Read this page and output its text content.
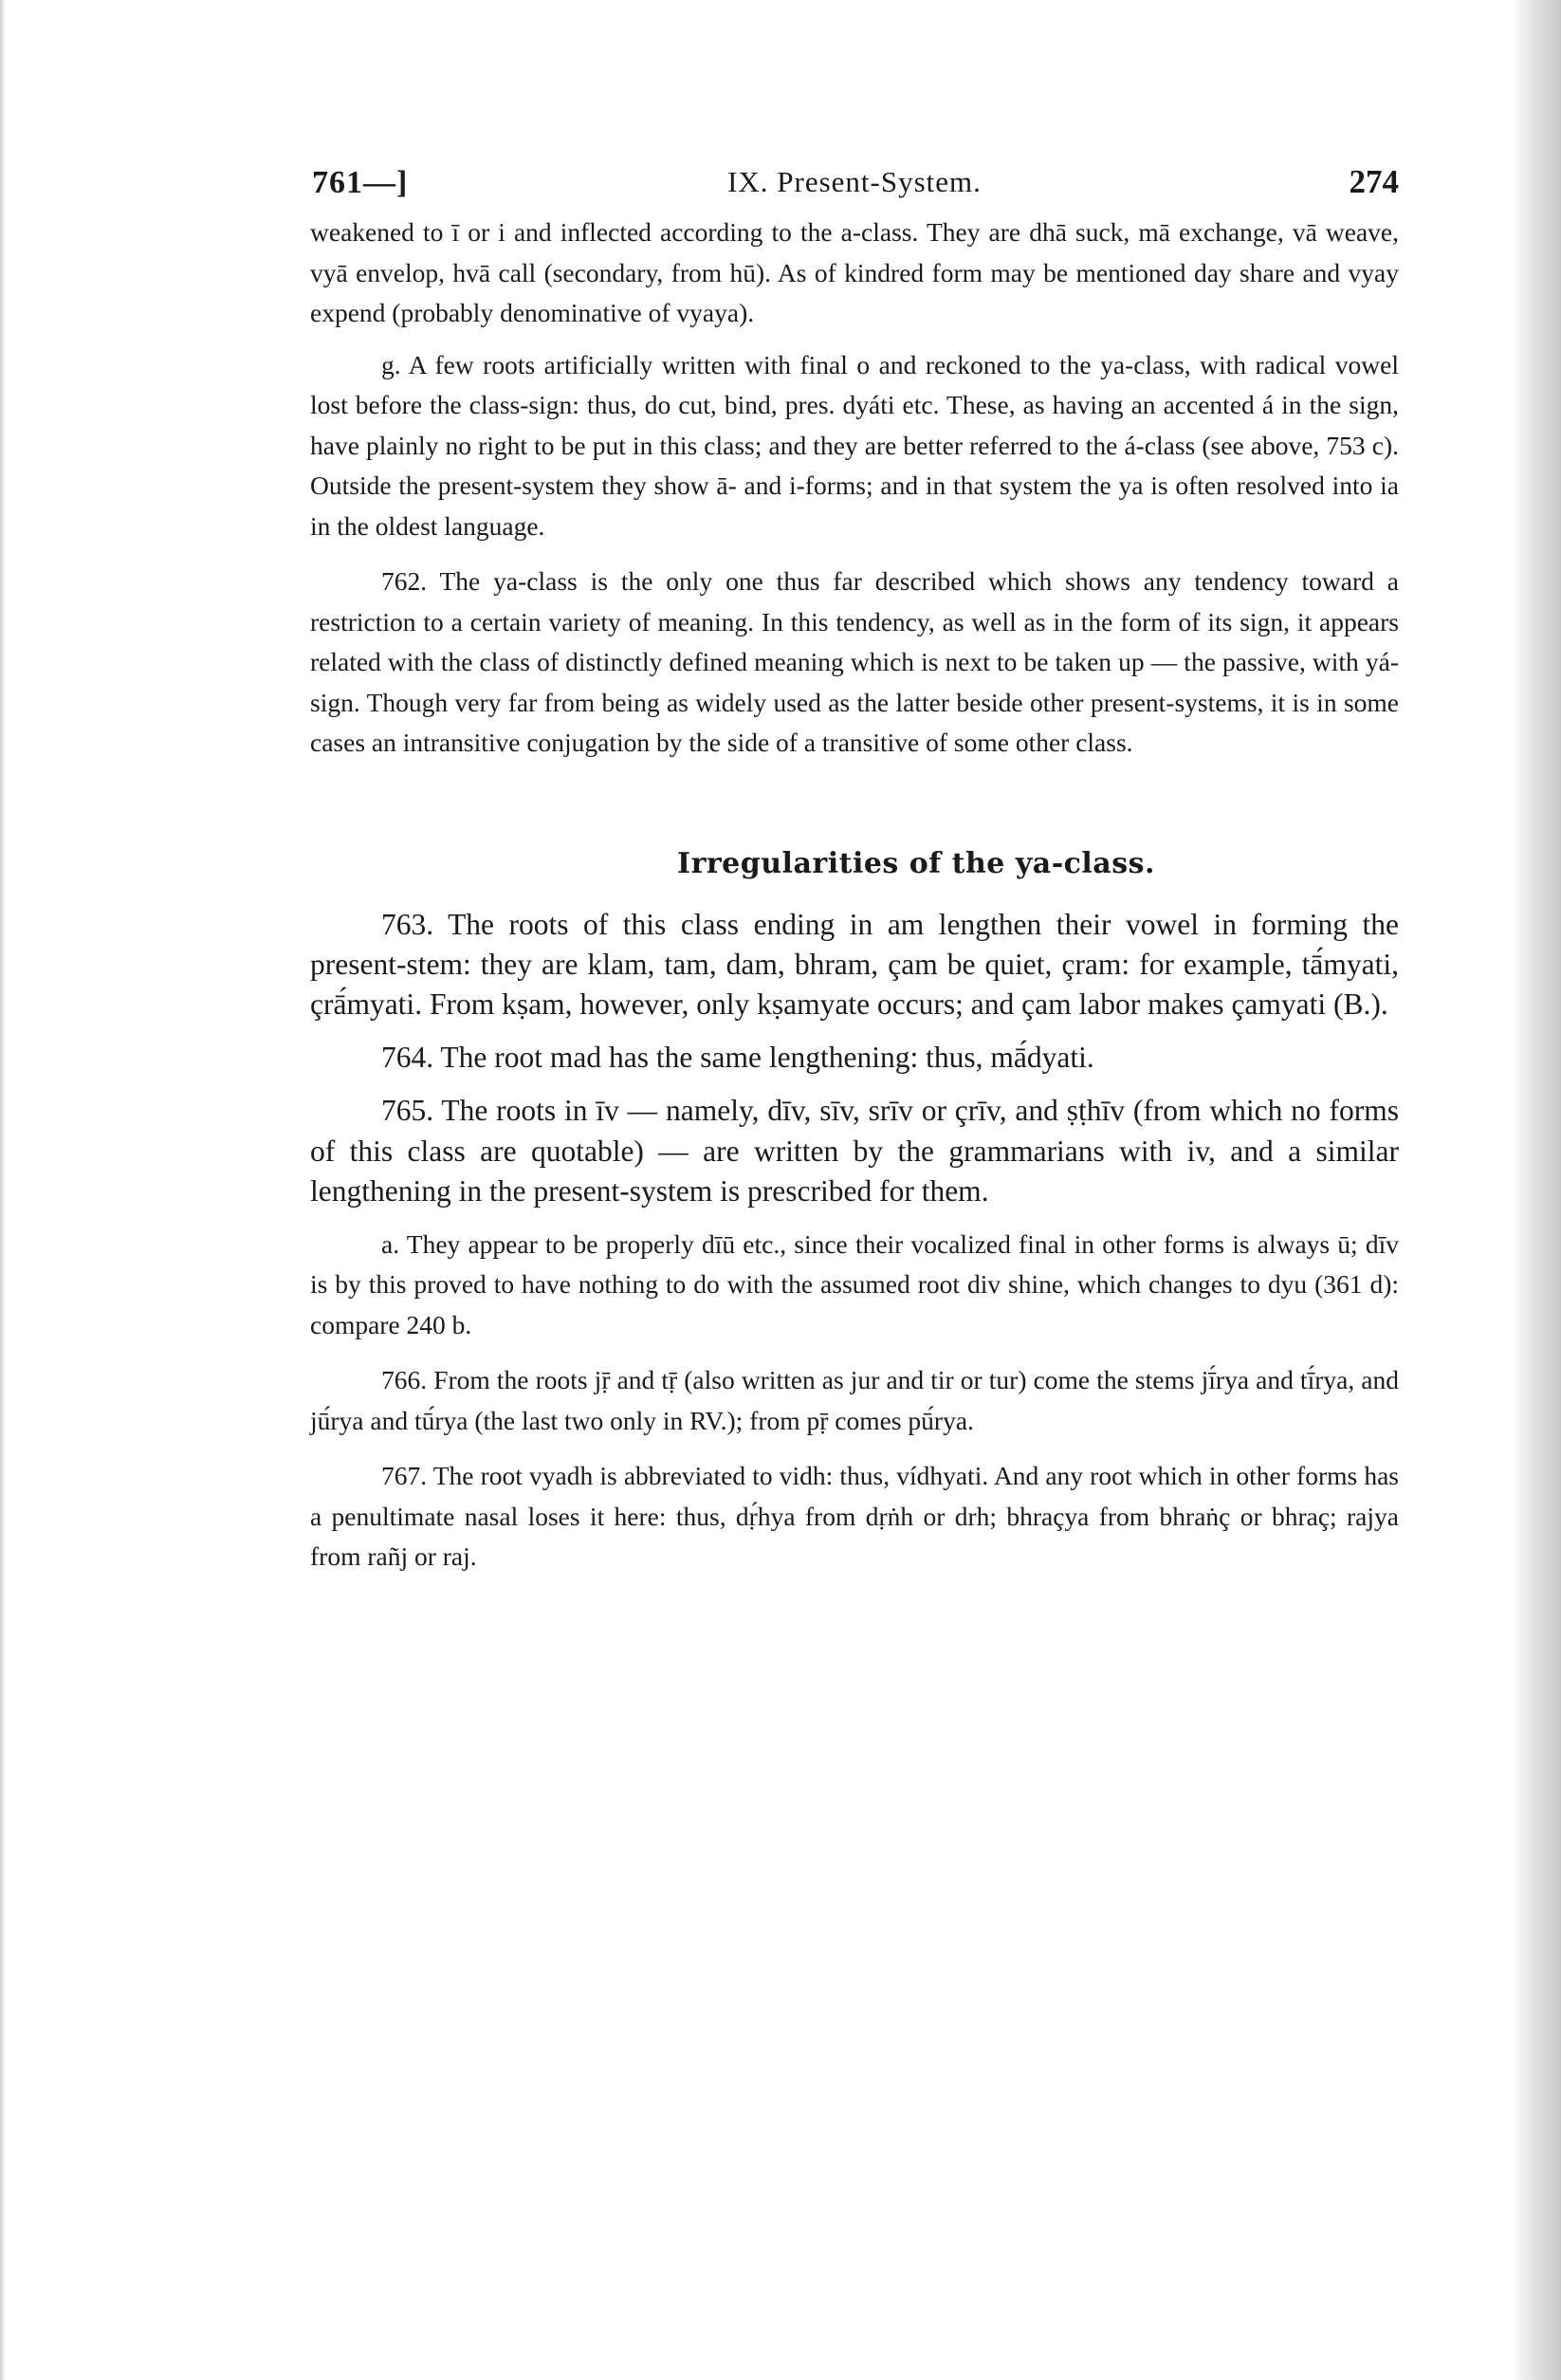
761—]	IX. Present-System.	274

weakened to ī or i and inflected according to the a-class. They are dhā suck, mā exchange, vā weave, vyā envelop, hvā call (secondary, from hū). As of kindred form may be mentioned day share and vyay expend (probably denominative of vyaya).

g. A few roots artificially written with final o and reckoned to the ya-class, with radical vowel lost before the class-sign: thus, do cut, bind, pres. dyáti etc. These, as having an accented á in the sign, have plainly no right to be put in this class; and they are better referred to the á-class (see above, 753 c). Outside the present-system they show ā- and i-forms; and in that system the ya is often resolved into ia in the oldest language.

762. The ya-class is the only one thus far described which shows any tendency toward a restriction to a certain variety of meaning. In this tendency, as well as in the form of its sign, it appears related with the class of distinctly defined meaning which is next to be taken up — the passive, with yá-sign. Though very far from being as widely used as the latter beside other present-systems, it is in some cases an intransitive conjugation by the side of a transitive of some other class.

Irregularities of the ya-class.

763. The roots of this class ending in am lengthen their vowel in forming the present-stem: they are klam, tam, dam, bhram, çam be quiet, çram: for example, tā́myati, çrā́myati. From kṣam, however, only kṣamyate occurs; and çam labor makes çamyati (B.).

764. The root mad has the same lengthening: thus, mā́dyati.

765. The roots in īv — namely, dīv, sīv, srīv or çrīv, and ṣṭhīv (from which no forms of this class are quotable) — are written by the grammarians with iv, and a similar lengthening in the present-system is prescribed for them.

a. They appear to be properly dīū etc., since their vocalized final in other forms is always ū; dīv is by this proved to have nothing to do with the assumed root div shine, which changes to dyu (361 d): compare 240 b.

766. From the roots jṝ and tṝ (also written as jur and tir or tur) come the stems jī́rya and tī́rya, and jū́rya and tū́rya (the last two only in RV.); from pṝ comes pū́rya.

767. The root vyadh is abbreviated to vidh: thus, vídhyati. And any root which in other forms has a penultimate nasal loses it here: thus, dṛ́hya from dṛṅh or drh; bhraçya from bhraṅç or bhraç; rajya from rañj or raj.
